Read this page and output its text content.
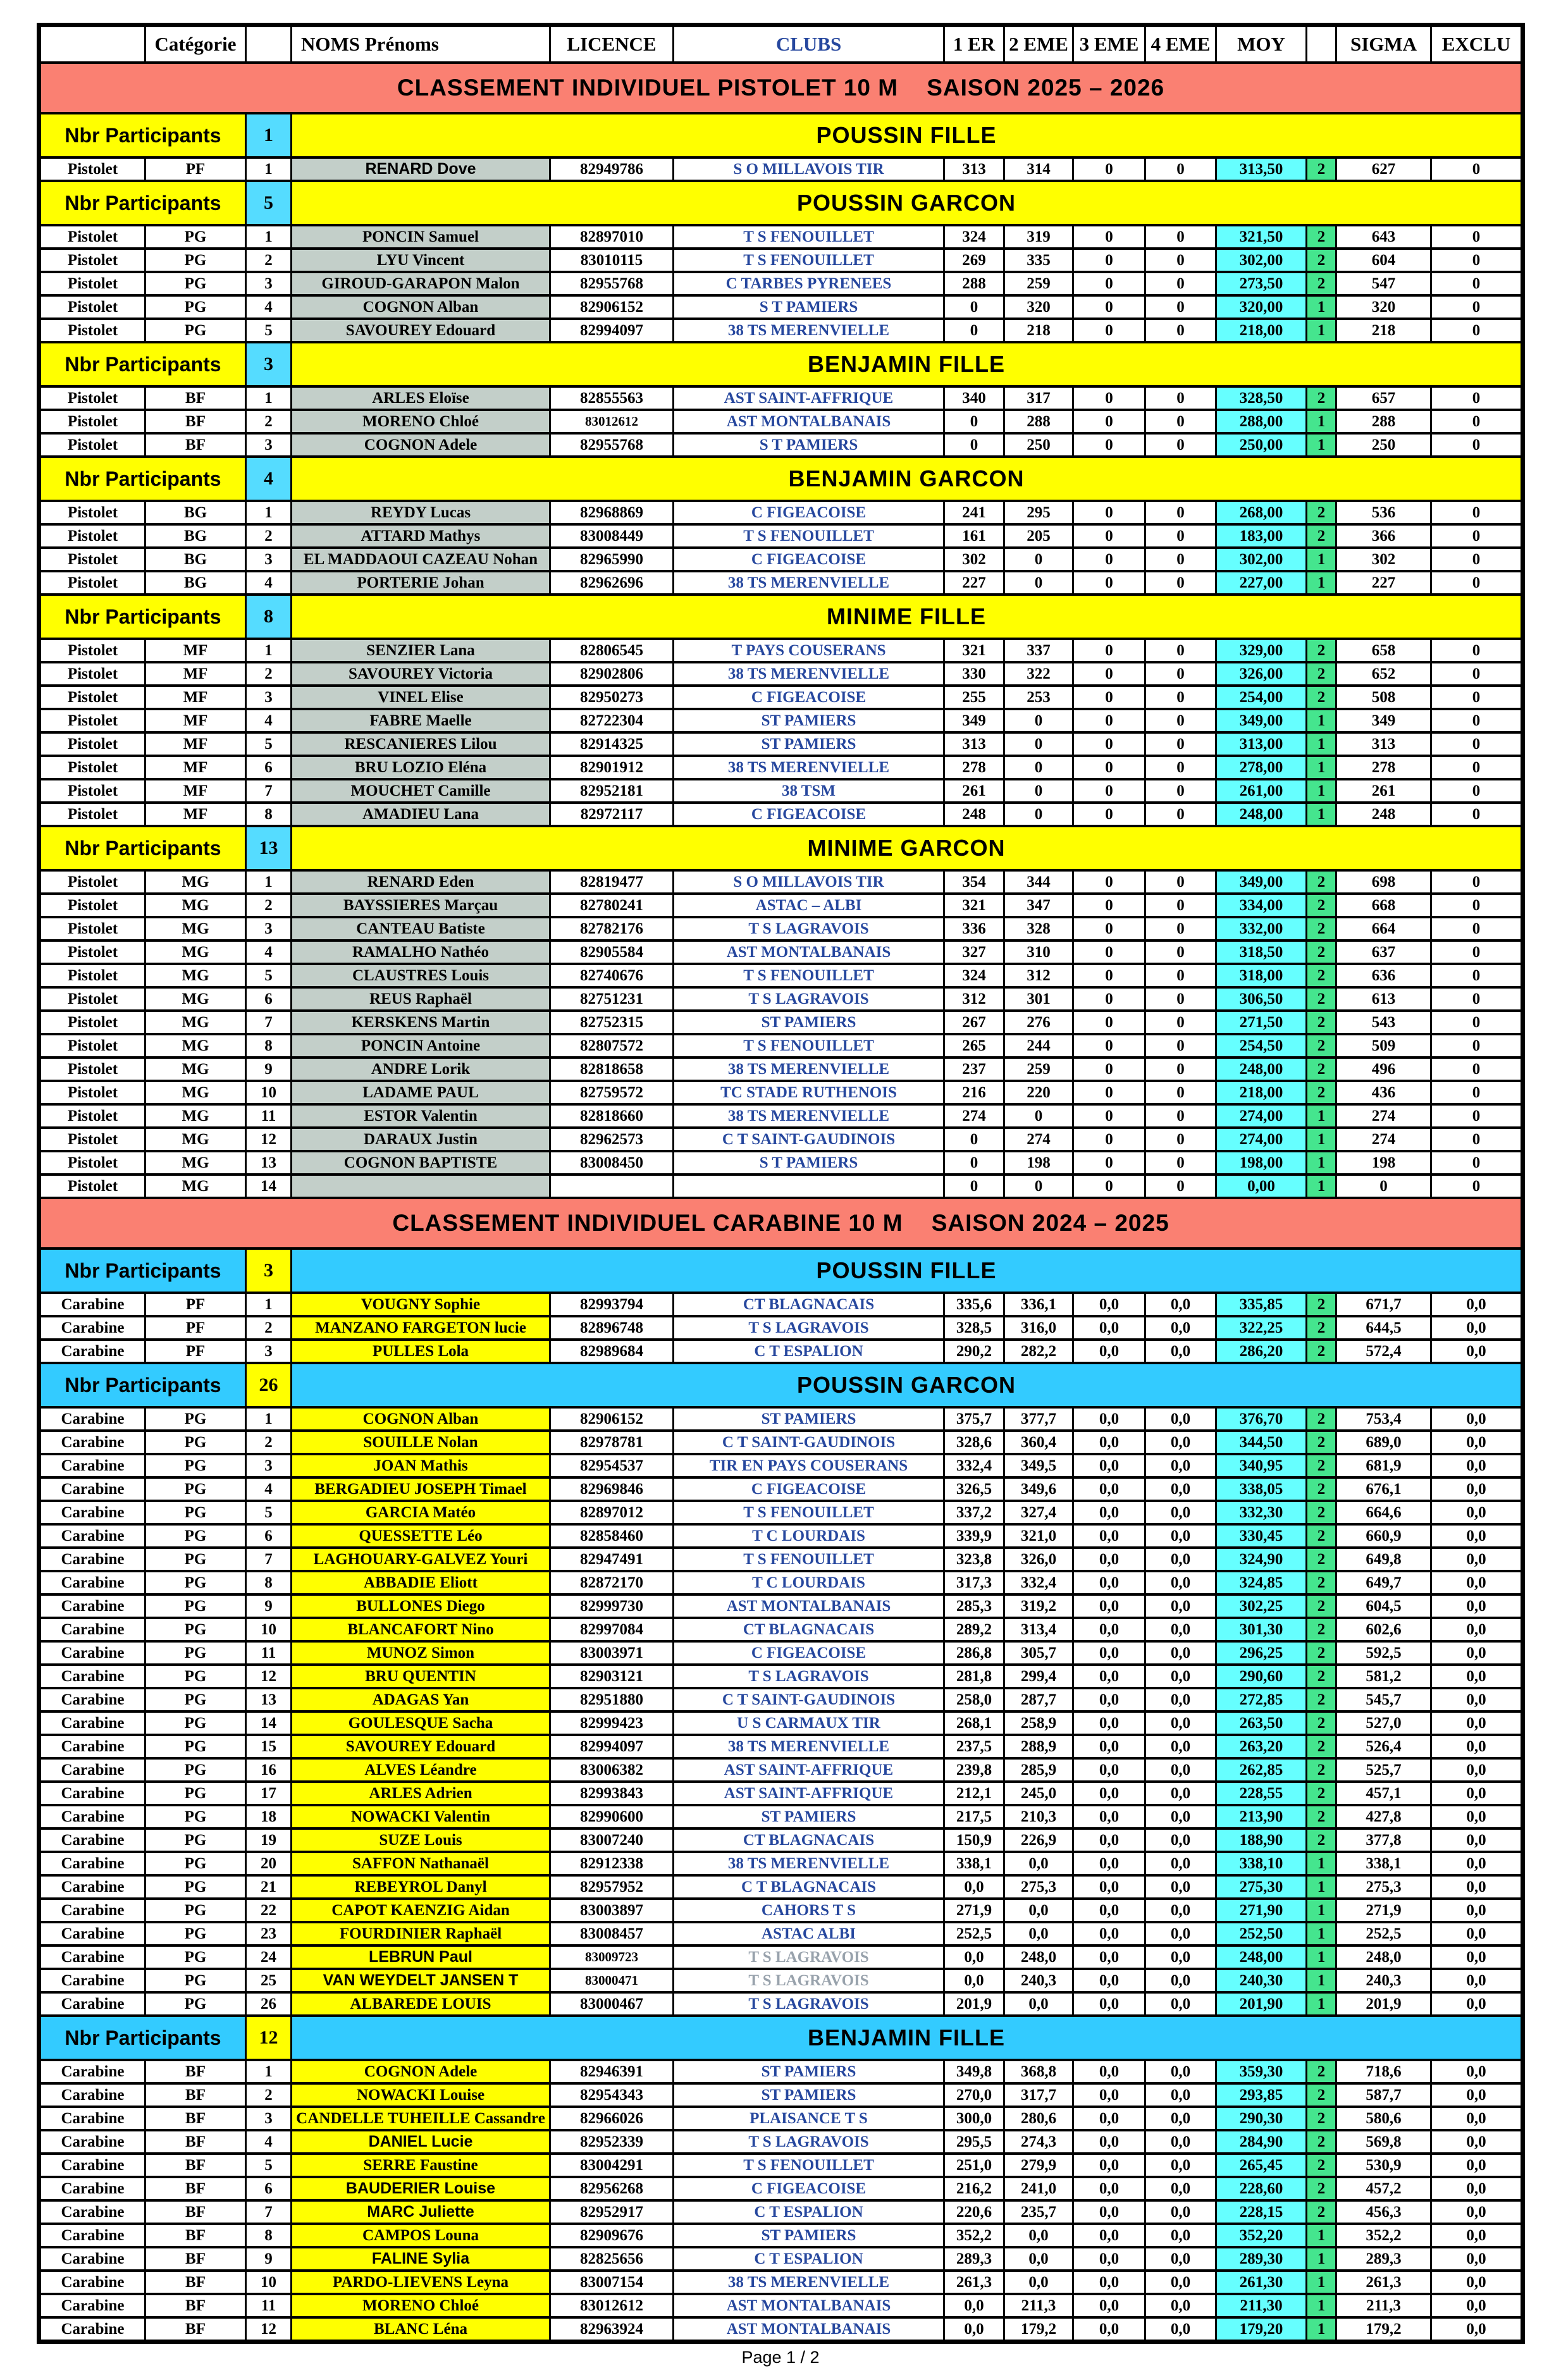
	Catégorie		NOMS Prénoms	LICENCE	CLUBS	1 ER	2 EME	3 EME	4 EME	MOY		SIGMA	EXCLU
CLASSEMENT INDIVIDUEL PISTOLET 10 M    SAISON 2025 – 2026													
Nbr Participants		1	POUSSIN FILLE										
Pistolet	PF	1	RENARD Dove	82949786	S O MILLAVOIS TIR	313	314	0	0	313,50	2	627	0
Nbr Participants		5	POUSSIN GARCON										
Pistolet	PG	1	PONCIN Samuel	82897010	T S FENOUILLET	324	319	0	0	321,50	2	643	0
Pistolet	PG	2	LYU Vincent	83010115	T S FENOUILLET	269	335	0	0	302,00	2	604	0
Pistolet	PG	3	GIROUD-GARAPON Malon	82955768	C TARBES PYRENEES	288	259	0	0	273,50	2	547	0
Pistolet	PG	4	COGNON Alban	82906152	S T PAMIERS	0	320	0	0	320,00	1	320	0
Pistolet	PG	5	SAVOUREY Edouard	82994097	38 TS MERENVIELLE	0	218	0	0	218,00	1	218	0
Nbr Participants		3	BENJAMIN FILLE										
Pistolet	BF	1	ARLES Eloïse	82855563	AST SAINT-AFFRIQUE	340	317	0	0	328,50	2	657	0
Pistolet	BF	2	MORENO Chloé	83012612	AST MONTALBANAIS	0	288	0	0	288,00	1	288	0
Pistolet	BF	3	COGNON Adele	82955768	S T PAMIERS	0	250	0	0	250,00	1	250	0
Nbr Participants		4	BENJAMIN GARCON										
Pistolet	BG	1	REYDY Lucas	82968869	C FIGEACOISE	241	295	0	0	268,00	2	536	0
Pistolet	BG	2	ATTARD Mathys	83008449	T S FENOUILLET	161	205	0	0	183,00	2	366	0
Pistolet	BG	3	EL MADDAOUI CAZEAU Nohan	82965990	C FIGEACOISE	302	0	0	0	302,00	1	302	0
Pistolet	BG	4	PORTERIE Johan	82962696	38 TS MERENVIELLE	227	0	0	0	227,00	1	227	0
Nbr Participants		8	MINIME FILLE										
Pistolet	MF	1	SENZIER Lana	82806545	T PAYS COUSERANS	321	337	0	0	329,00	2	658	0
Pistolet	MF	2	SAVOUREY Victoria	82902806	38 TS MERENVIELLE	330	322	0	0	326,00	2	652	0
Pistolet	MF	3	VINEL Elise	82950273	C FIGEACOISE	255	253	0	0	254,00	2	508	0
Pistolet	MF	4	FABRE Maelle	82722304	ST PAMIERS	349	0	0	0	349,00	1	349	0
Pistolet	MF	5	RESCANIERES Lilou	82914325	ST PAMIERS	313	0	0	0	313,00	1	313	0
Pistolet	MF	6	BRU LOZIO Eléna	82901912	38 TS MERENVIELLE	278	0	0	0	278,00	1	278	0
Pistolet	MF	7	MOUCHET Camille	82952181	38 TSM	261	0	0	0	261,00	1	261	0
Pistolet	MF	8	AMADIEU Lana	82972117	C FIGEACOISE	248	0	0	0	248,00	1	248	0
Nbr Participants		13	MINIME GARCON										
Pistolet	MG	1	RENARD Eden	82819477	S O MILLAVOIS TIR	354	344	0	0	349,00	2	698	0
Pistolet	MG	2	BAYSSIERES Marçau	82780241	ASTAC – ALBI	321	347	0	0	334,00	2	668	0
Pistolet	MG	3	CANTEAU Batiste	82782176	T S LAGRAVOIS	336	328	0	0	332,00	2	664	0
Pistolet	MG	4	RAMALHO Nathéo	82905584	AST MONTALBANAIS	327	310	0	0	318,50	2	637	0
Pistolet	MG	5	CLAUSTRES Louis	82740676	T S FENOUILLET	324	312	0	0	318,00	2	636	0
Pistolet	MG	6	REUS Raphaël	82751231	T S LAGRAVOIS	312	301	0	0	306,50	2	613	0
Pistolet	MG	7	KERSKENS Martin	82752315	ST PAMIERS	267	276	0	0	271,50	2	543	0
Pistolet	MG	8	PONCIN Antoine	82807572	T S FENOUILLET	265	244	0	0	254,50	2	509	0
Pistolet	MG	9	ANDRE Lorik	82818658	38 TS MERENVIELLE	237	259	0	0	248,00	2	496	0
Pistolet	MG	10	LADAME PAUL	82759572	TC STADE RUTHENOIS	216	220	0	0	218,00	2	436	0
Pistolet	MG	11	ESTOR Valentin	82818660	38 TS MERENVIELLE	274	0	0	0	274,00	1	274	0
Pistolet	MG	12	DARAUX Justin	82962573	C T SAINT-GAUDINOIS	0	274	0	0	274,00	1	274	0
Pistolet	MG	13	COGNON BAPTISTE	83008450	S T PAMIERS	0	198	0	0	198,00	1	198	0
Pistolet	MG	14				0	0	0	0	0,00	1	0	0
CLASSEMENT INDIVIDUEL CARABINE 10 M    SAISON 2024 – 2025													
Nbr Participants		3	POUSSIN FILLE										
Carabine	PF	1	VOUGNY Sophie	82993794	CT BLAGNACAIS	335,6	336,1	0,0	0,0	335,85	2	671,7	0,0
Carabine	PF	2	MANZANO FARGETON lucie	82896748	T S LAGRAVOIS	328,5	316,0	0,0	0,0	322,25	2	644,5	0,0
Carabine	PF	3	PULLES Lola	82989684	C T ESPALION	290,2	282,2	0,0	0,0	286,20	2	572,4	0,0
Nbr Participants		26	POUSSIN GARCON										
Carabine	PG	1	COGNON Alban	82906152	ST PAMIERS	375,7	377,7	0,0	0,0	376,70	2	753,4	0,0
Carabine	PG	2	SOUILLE Nolan	82978781	C T SAINT-GAUDINOIS	328,6	360,4	0,0	0,0	344,50	2	689,0	0,0
Carabine	PG	3	JOAN Mathis	82954537	TIR EN PAYS COUSERANS	332,4	349,5	0,0	0,0	340,95	2	681,9	0,0
Carabine	PG	4	BERGADIEU JOSEPH Timael	82969846	C FIGEACOISE	326,5	349,6	0,0	0,0	338,05	2	676,1	0,0
Carabine	PG	5	GARCIA Matéo	82897012	T S FENOUILLET	337,2	327,4	0,0	0,0	332,30	2	664,6	0,0
Carabine	PG	6	QUESSETTE Léo	82858460	T C LOURDAIS	339,9	321,0	0,0	0,0	330,45	2	660,9	0,0
Carabine	PG	7	LAGHOUARY-GALVEZ Youri	82947491	T S FENOUILLET	323,8	326,0	0,0	0,0	324,90	2	649,8	0,0
Carabine	PG	8	ABBADIE Eliott	82872170	T C LOURDAIS	317,3	332,4	0,0	0,0	324,85	2	649,7	0,0
Carabine	PG	9	BULLONES Diego	82999730	AST MONTALBANAIS	285,3	319,2	0,0	0,0	302,25	2	604,5	0,0
Carabine	PG	10	BLANCAFORT Nino	82997084	CT BLAGNACAIS	289,2	313,4	0,0	0,0	301,30	2	602,6	0,0
Carabine	PG	11	MUNOZ Simon	83003971	C FIGEACOISE	286,8	305,7	0,0	0,0	296,25	2	592,5	0,0
Carabine	PG	12	BRU QUENTIN	82903121	T S LAGRAVOIS	281,8	299,4	0,0	0,0	290,60	2	581,2	0,0
Carabine	PG	13	ADAGAS Yan	82951880	C T SAINT-GAUDINOIS	258,0	287,7	0,0	0,0	272,85	2	545,7	0,0
Carabine	PG	14	GOULESQUE Sacha	82999423	U S CARMAUX TIR	268,1	258,9	0,0	0,0	263,50	2	527,0	0,0
Carabine	PG	15	SAVOUREY Edouard	82994097	38 TS MERENVIELLE	237,5	288,9	0,0	0,0	263,20	2	526,4	0,0
Carabine	PG	16	ALVES Léandre	83006382	AST SAINT-AFFRIQUE	239,8	285,9	0,0	0,0	262,85	2	525,7	0,0
Carabine	PG	17	ARLES Adrien	82993843	AST SAINT-AFFRIQUE	212,1	245,0	0,0	0,0	228,55	2	457,1	0,0
Carabine	PG	18	NOWACKI Valentin	82990600	ST PAMIERS	217,5	210,3	0,0	0,0	213,90	2	427,8	0,0
Carabine	PG	19	SUZE Louis	83007240	CT BLAGNACAIS	150,9	226,9	0,0	0,0	188,90	2	377,8	0,0
Carabine	PG	20	SAFFON Nathanaël	82912338	38 TS MERENVIELLE	338,1	0,0	0,0	0,0	338,10	1	338,1	0,0
Carabine	PG	21	REBEYROL Danyl	82957952	C T BLAGNACAIS	0,0	275,3	0,0	0,0	275,30	1	275,3	0,0
Carabine	PG	22	CAPOT KAENZIG Aidan	83003897	CAHORS T S	271,9	0,0	0,0	0,0	271,90	1	271,9	0,0
Carabine	PG	23	FOURDINIER Raphaël	83008457	ASTAC ALBI	252,5	0,0	0,0	0,0	252,50	1	252,5	0,0
Carabine	PG	24	LEBRUN Paul	83009723	T S LAGRAVOIS	0,0	248,0	0,0	0,0	248,00	1	248,0	0,0
Carabine	PG	25	VAN WEYDELT JANSEN T	83000471	T S LAGRAVOIS	0,0	240,3	0,0	0,0	240,30	1	240,3	0,0
Carabine	PG	26	ALBAREDE LOUIS	83000467	T S LAGRAVOIS	201,9	0,0	0,0	0,0	201,90	1	201,9	0,0
Nbr Participants		12	BENJAMIN FILLE										
Carabine	BF	1	COGNON Adele	82946391	ST PAMIERS	349,8	368,8	0,0	0,0	359,30	2	718,6	0,0
Carabine	BF	2	NOWACKI Louise	82954343	ST PAMIERS	270,0	317,7	0,0	0,0	293,85	2	587,7	0,0
Carabine	BF	3	CANDELLE TUHEILLE Cassandre	82966026	PLAISANCE T S	300,0	280,6	0,0	0,0	290,30	2	580,6	0,0
Carabine	BF	4	DANIEL Lucie	82952339	T S LAGRAVOIS	295,5	274,3	0,0	0,0	284,90	2	569,8	0,0
Carabine	BF	5	SERRE Faustine	83004291	T S FENOUILLET	251,0	279,9	0,0	0,0	265,45	2	530,9	0,0
Carabine	BF	6	BAUDERIER Louise	82956268	C FIGEACOISE	216,2	241,0	0,0	0,0	228,60	2	457,2	0,0
Carabine	BF	7	MARC Juliette	82952917	C T ESPALION	220,6	235,7	0,0	0,0	228,15	2	456,3	0,0
Carabine	BF	8	CAMPOS Louna	82909676	ST PAMIERS	352,2	0,0	0,0	0,0	352,20	1	352,2	0,0
Carabine	BF	9	FALINE Sylia	82825656	C T ESPALION	289,3	0,0	0,0	0,0	289,30	1	289,3	0,0
Carabine	BF	10	PARDO-LIEVENS Leyna	83007154	38 TS MERENVIELLE	261,3	0,0	0,0	0,0	261,30	1	261,3	0,0
Carabine	BF	11	MORENO Chloé	83012612	AST MONTALBANAIS	0,0	211,3	0,0	0,0	211,30	1	211,3	0,0
Carabine	BF	12	BLANC Léna	82963924	AST MONTALBANAIS	0,0	179,2	0,0	0,0	179,20	1	179,2	0,0
Page 1 / 2
